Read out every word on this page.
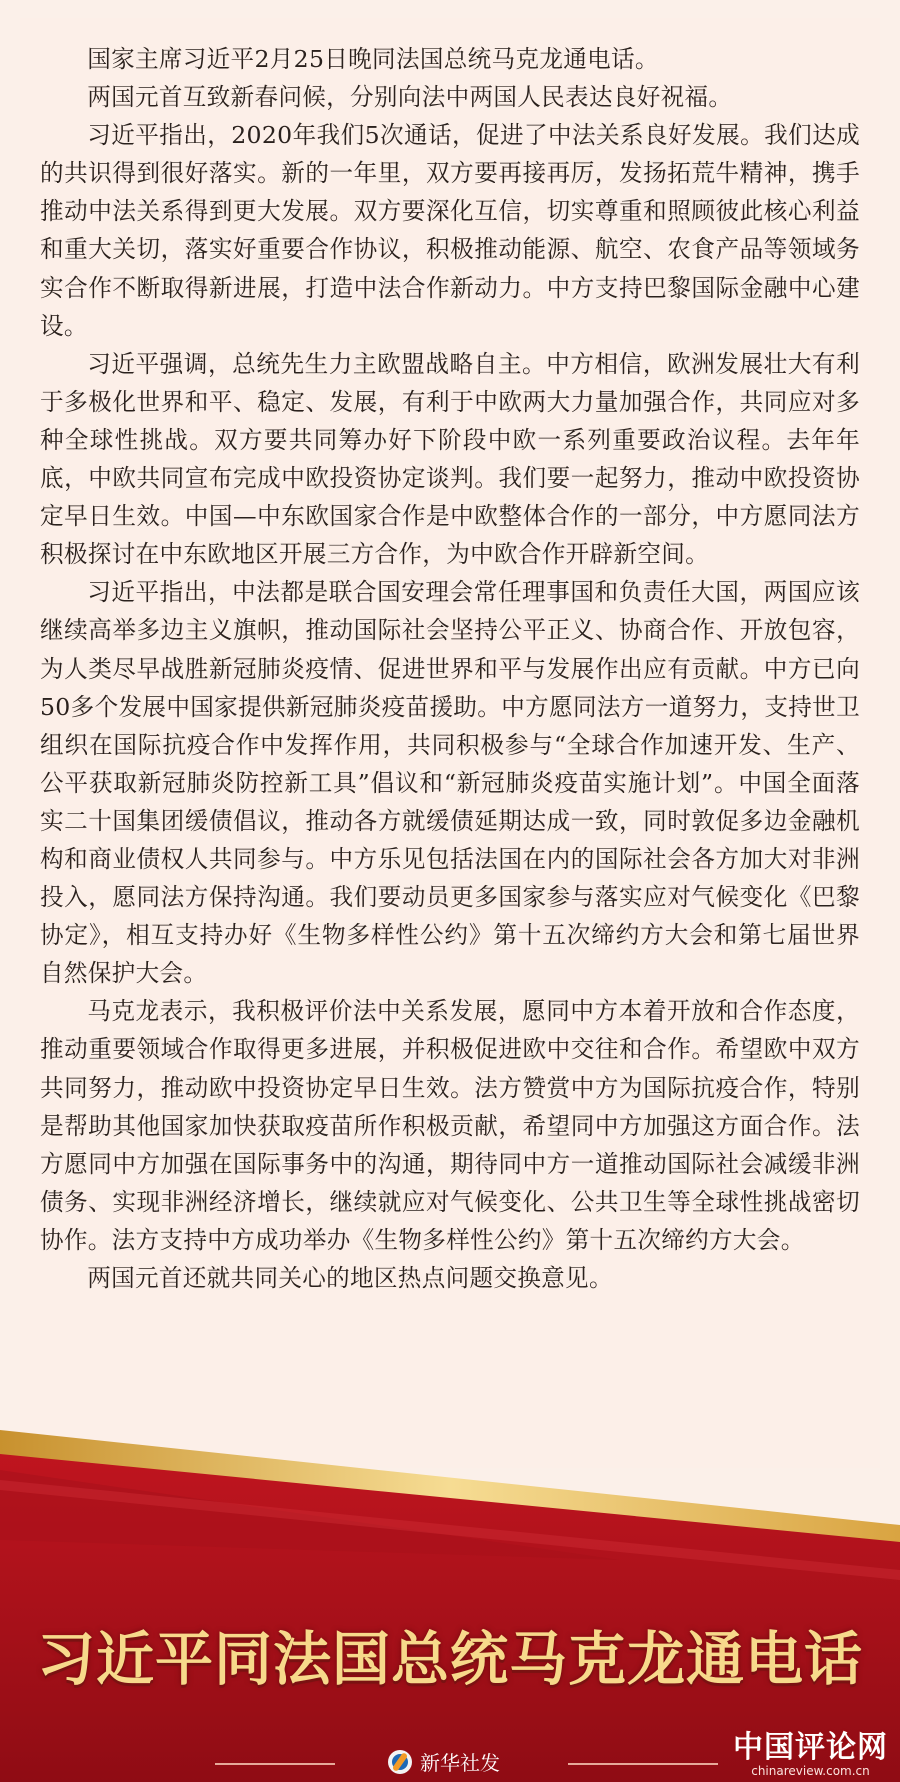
国家主席习近平2月25日晚同法国总统马克龙通电话。

两国元首互致新春问候，分别向法中两国人民表达良好祝福。

习近平指出，2020年我们5次通话，促进了中法关系良好发展。我们达成的共识得到很好落实。新的一年里，双方要再接再厉，发扬拓荒牛精神，携手推动中法关系得到更大发展。双方要深化互信，切实尊重和照顾彼此核心利益和重大关切，落实好重要合作协议，积极推动能源、航空、农食产品等领域务实合作不断取得新进展，打造中法合作新动力。中方支持巴黎国际金融中心建设。

习近平强调，总统先生力主欧盟战略自主。中方相信，欧洲发展壮大有利于多极化世界和平、稳定、发展，有利于中欧两大力量加强合作，共同应对多种全球性挑战。双方要共同筹办好下阶段中欧一系列重要政治议程。去年年底，中欧共同宣布完成中欧投资协定谈判。我们要一起努力，推动中欧投资协定早日生效。中国—中东欧国家合作是中欧整体合作的一部分，中方愿同法方积极探讨在中东欧地区开展三方合作，为中欧合作开辟新空间。

习近平指出，中法都是联合国安理会常任理事国和负责任大国，两国应该继续高举多边主义旗帜，推动国际社会坚持公平正义、协商合作、开放包容，为人类尽早战胜新冠肺炎疫情、促进世界和平与发展作出应有贡献。中方已向50多个发展中国家提供新冠肺炎疫苗援助。中方愿同法方一道努力，支持世卫组织在国际抗疫合作中发挥作用，共同积极参与“全球合作加速开发、生产、公平获取新冠肺炎防控新工具”倡议和“新冠肺炎疫苗实施计划”。中国全面落实二十国集团缓债倡议，推动各方就缓债延期达成一致，同时敦促多边金融机构和商业债权人共同参与。中方乐见包括法国在内的国际社会各方加大对非洲投入，愿同法方保持沟通。我们要动员更多国家参与落实应对气候变化《巴黎协定》，相互支持办好《生物多样性公约》第十五次缔约方大会和第七届世界自然保护大会。

马克龙表示，我积极评价法中关系发展，愿同中方本着开放和合作态度，推动重要领域合作取得更多进展，并积极促进欧中交往和合作。希望欧中双方共同努力，推动欧中投资协定早日生效。法方赞赏中方为国际抗疫合作，特别是帮助其他国家加快获取疫苗所作积极贡献，希望同中方加强这方面合作。法方愿同中方加强在国际事务中的沟通，期待同中方一道推动国际社会减缓非洲债务、实现非洲经济增长，继续就应对气候变化、公共卫生等全球性挑战密切协作。法方支持中方成功举办《生物多样性公约》第十五次缔约方大会。

两国元首还就共同关心的地区热点问题交换意见。

习近平同法国总统马克龙通电话
新华社发	中国评论网
chinareview.com.cn
